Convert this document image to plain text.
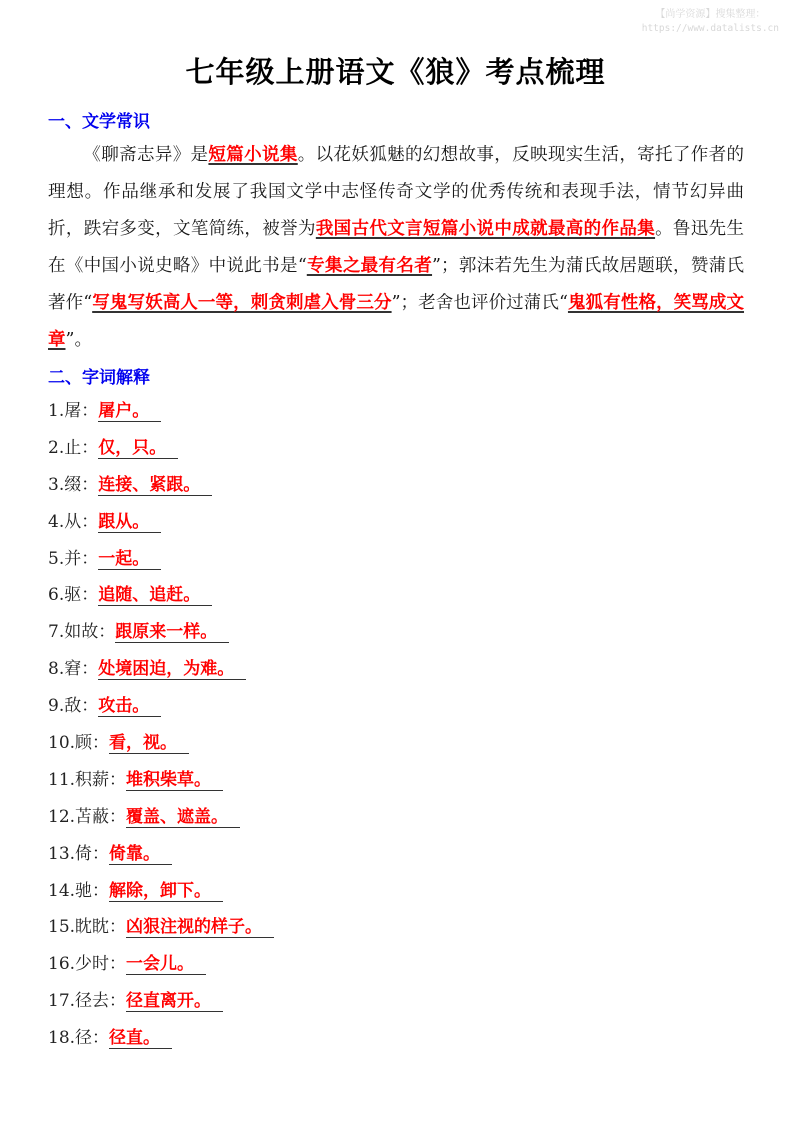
【尚学资源】搜集整理：
https://www.datalists.cn
七年级上册语文《狼》考点梳理
一、文学常识
《聊斋志异》是短篇小说集。以花妖狐魅的幻想故事，反映现实生活，寄托了作者的理想。作品继承和发展了我国文学中志怪传奇文学的优秀传统和表现手法，情节幻异曲折，跌宕多变，文笔简练，被誉为我国古代文言短篇小说中成就最高的作品集。鲁迅先生在《中国小说史略》中说此书是“专集之最有名者”；郭沫若先生为蒲氏故居题联，赞蒲氏著作“写鬼写妖高人一等，刺贪刺虐入骨三分”；老舍也评价过蒲氏“鬼狐有性格，笑骂成文章”。
二、字词解释
1.屠：屠户。
2.止：仅，只。
3.缀：连接、紧跟。
4.从：跟从。
5.并：一起。
6.驱：追随、追赶。
7.如故：跟原来一样。
8.窘：处境困迫，为难。
9.敌：攻击。
10.顾：看，视。
11.积薪：堆积柴草。
12.苫蔽：覆盖、遮盖。
13.倚：倚靠。
14.驰：解除，卸下。
15.眈眈：凶狠注视的样子。
16.少时：一会儿。
17.径去：径直离开。
18.径：径直。
